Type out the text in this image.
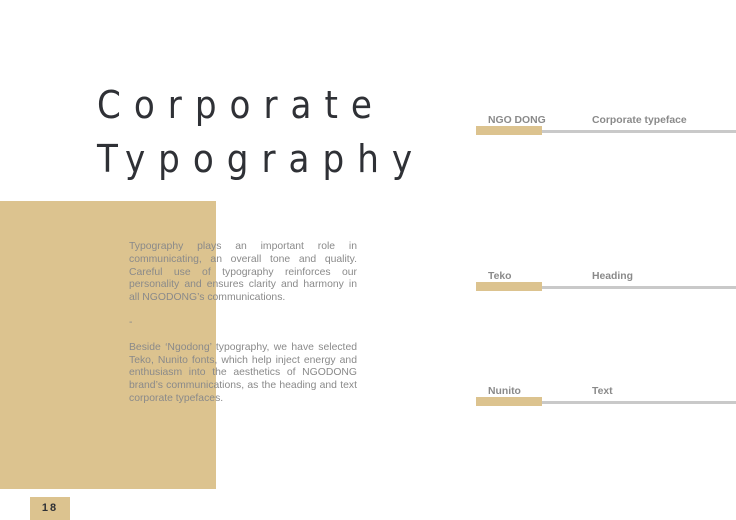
Corporate
Typography

Typography plays an important role in communicating, an overall tone and quality. Careful use of typography reinforces our personality and ensures clarity and harmony in all NGODONG’s communications.

-

Beside ‘Ngodong’ typography, we have selected Teko, Nunito fonts, which help inject energy and enthusiasm into the aesthetics of NGODONG brand’s communications, as the heading and text corporate typefaces.

NGO DONG	Corporate typeface
Teko	Heading
Nunito	Text
18
